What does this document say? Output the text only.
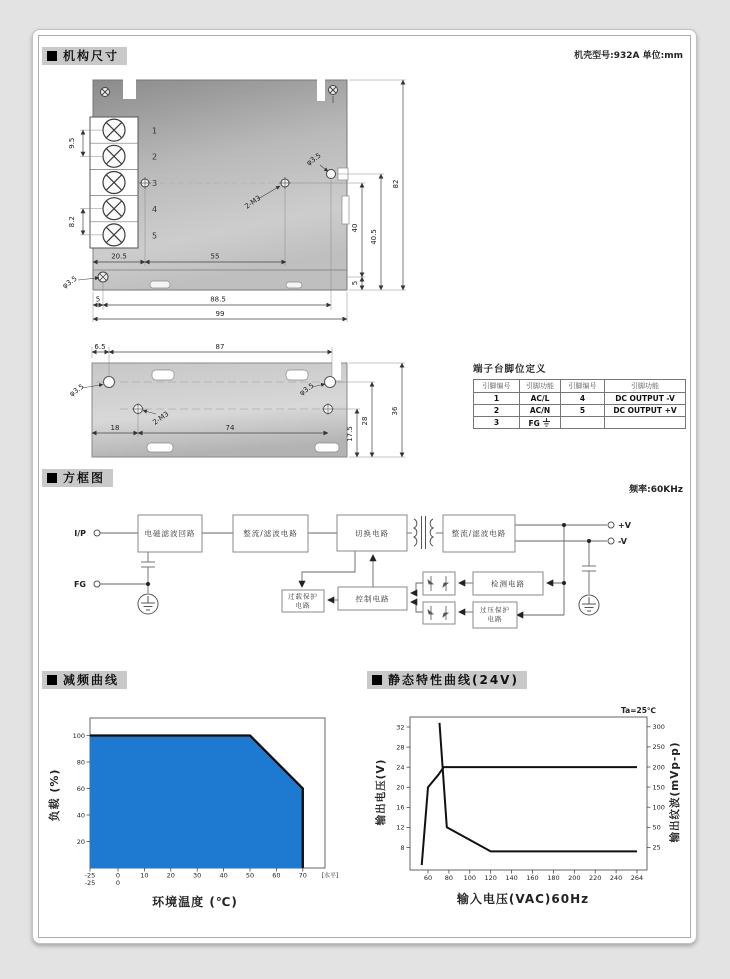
机构尺寸	机壳型号:932A 单位:mm
1
2
3
4
5
9.5
8.2
20.5	55
5	88.5
99
82
40.5
40
5
2-M3
φ3.5
φ3.5
6.5	87
18	74	17.5
28
36
φ3.5	φ3.5
2-M3
端子台脚位定义
引脚编号	引脚功能	引脚编号	引脚功能
1	AC/L	4	DC OUTPUT -V
2	AC/N	5	DC OUTPUT +V
3	FG		
方框图
频率:60KHz
电磁滤波回路	整流/滤波电路	切换电路	整流/滤波电路
过载保护
电路
控制电路
检测电路
过压保护
电路
I/P
FG
+V
-V
减频曲线	静态特性曲线(24V)
-25	0	10	20	30	40	50	60	70
-25	0
[水平]
20
40
60
80
100
负载 (%)
环境温度 (℃)
Ta=25℃
60 80 100 120 140 160 180 200 220 240 264
8
12
16
20
24
28
32
25
50
100
150
200
250
300
输出电压(V)	输出纹波(mVp-p)
输入电压(VAC)60Hz
